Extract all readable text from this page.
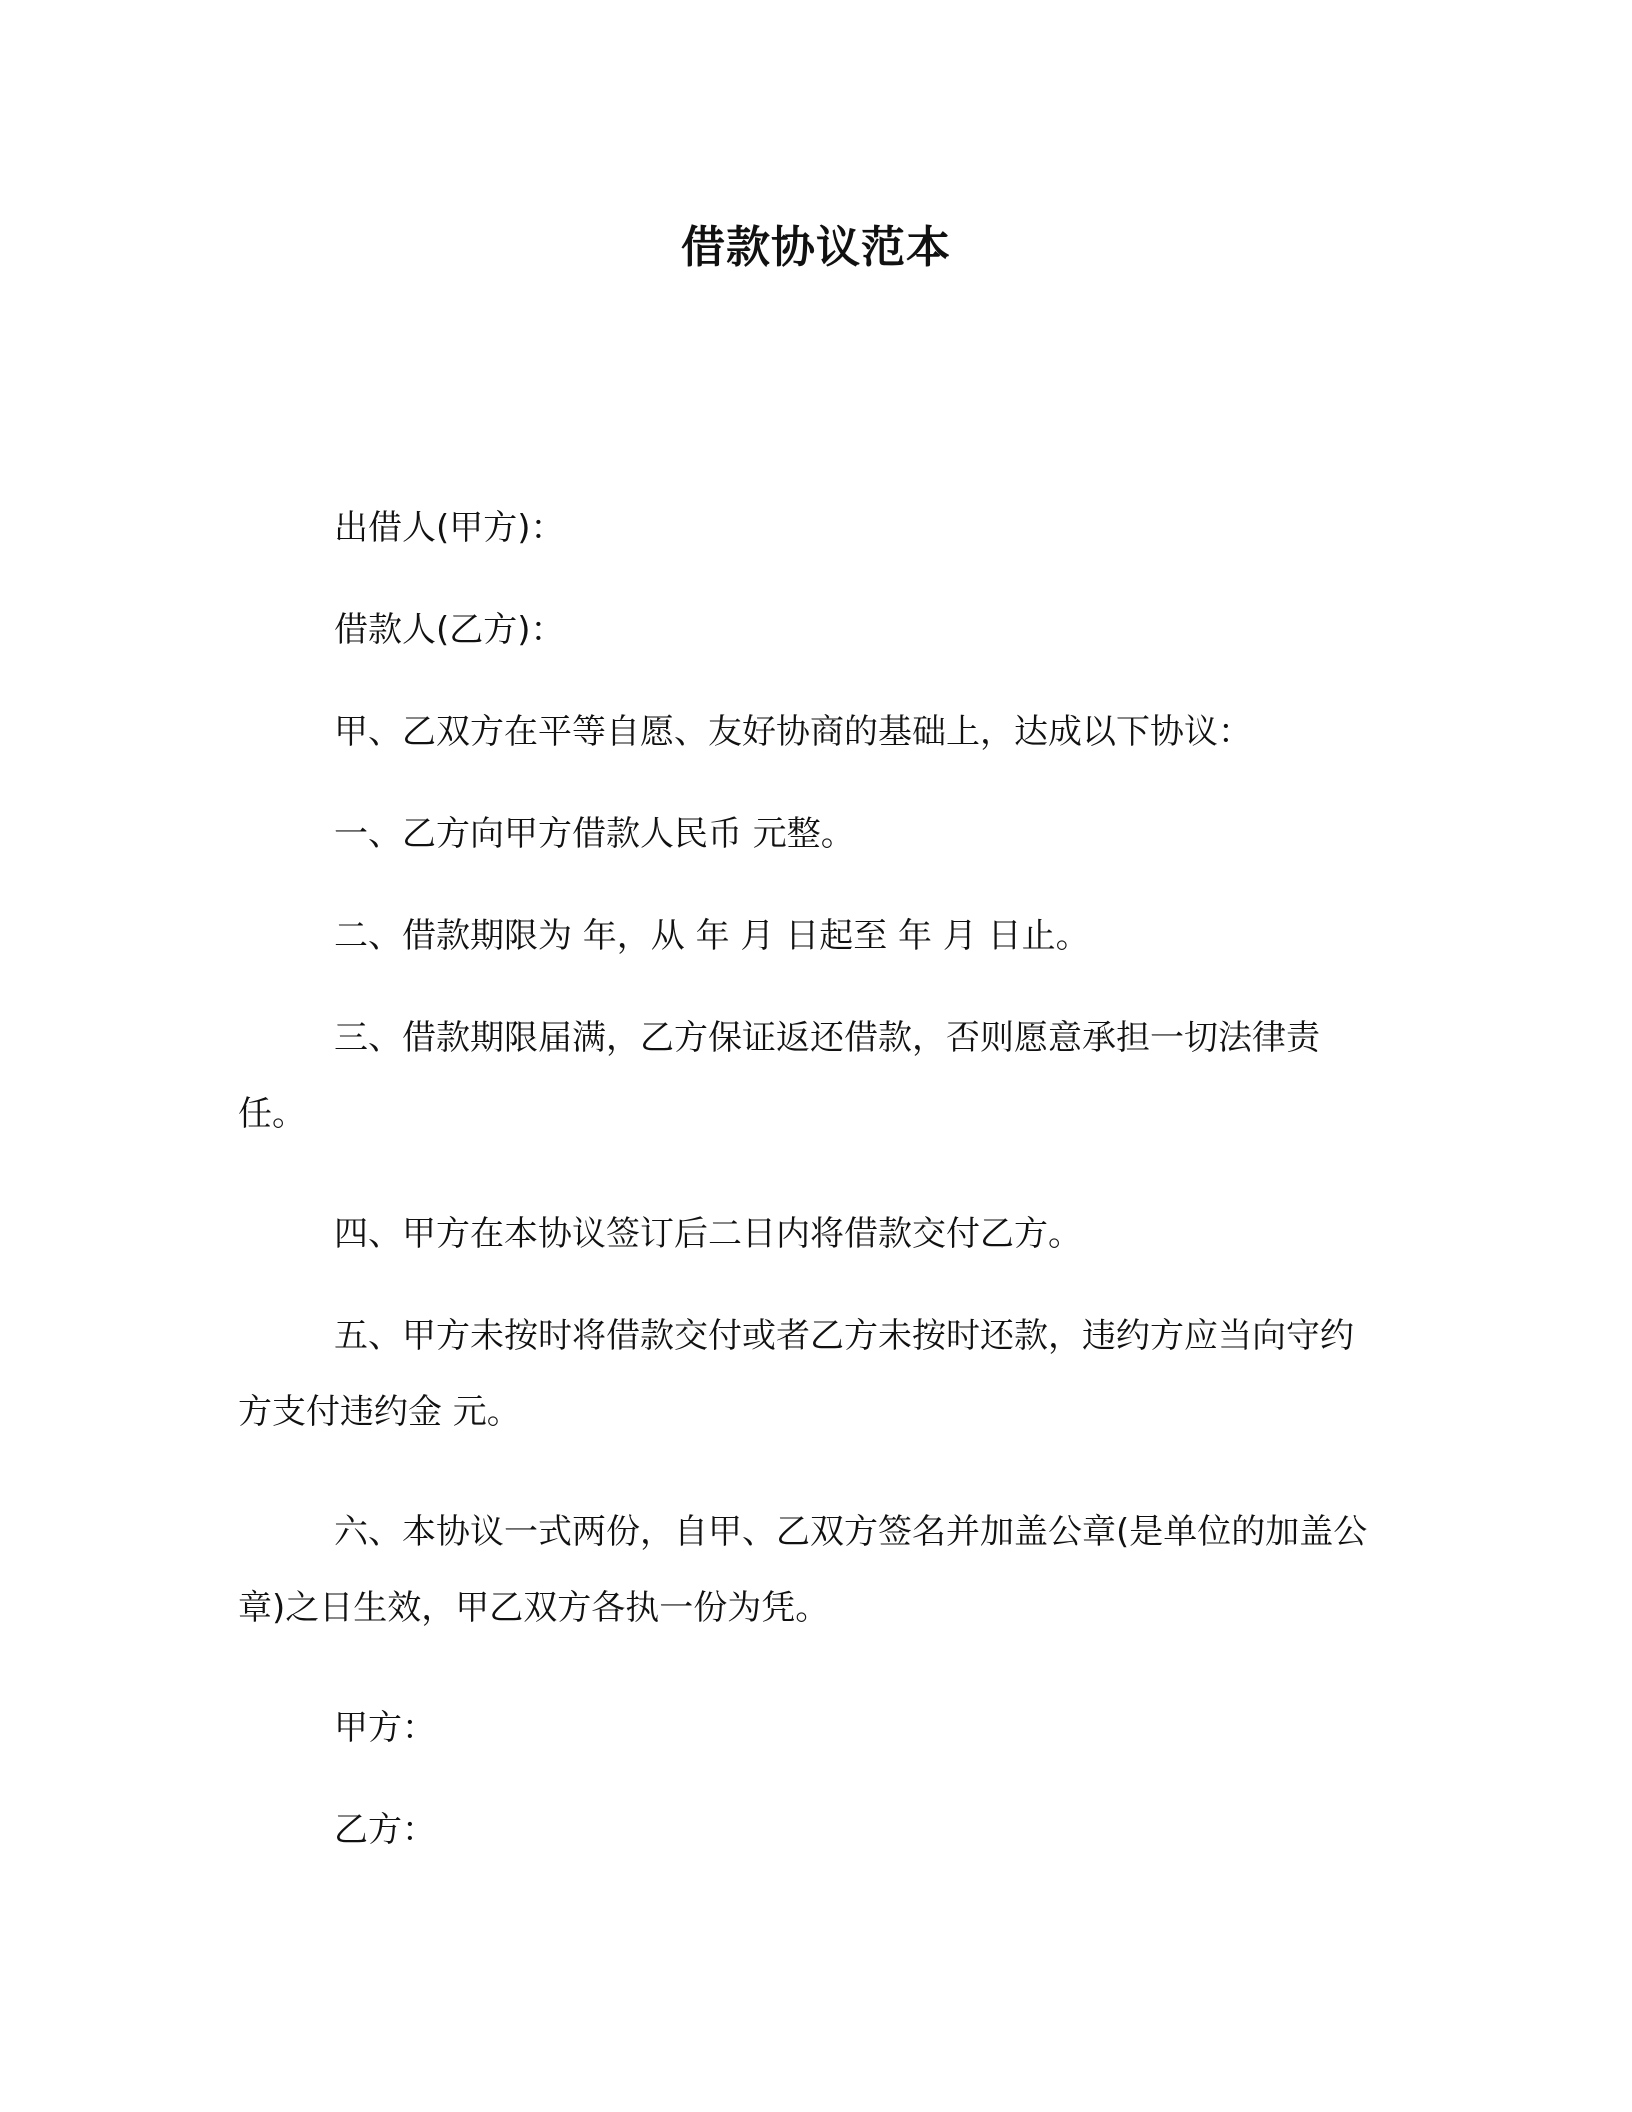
借款协议范本

出借人(甲方)：

借款人(乙方)：

甲、乙双方在平等自愿、友好协商的基础上，达成以下协议：

一、乙方向甲方借款人民币 元整。

二、借款期限为 年，从 年 月 日起至 年 月 日止。

三、借款期限届满，乙方保证返还借款，否则愿意承担一切法律责任。

四、甲方在本协议签订后二日内将借款交付乙方。

五、甲方未按时将借款交付或者乙方未按时还款，违约方应当向守约方支付违约金 元。

六、本协议一式两份，自甲、乙双方签名并加盖公章(是单位的加盖公章)之日生效，甲乙双方各执一份为凭。

甲方：

乙方：
